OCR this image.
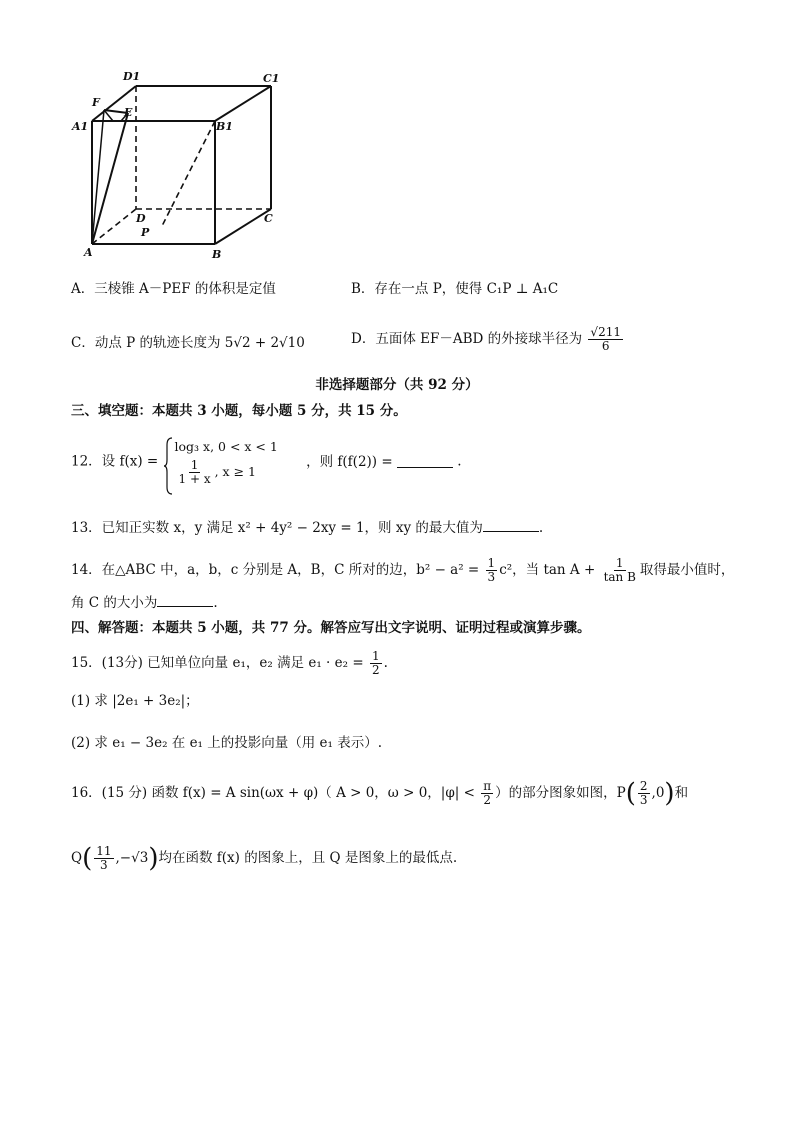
D1	C1
F
E
A1	B1
D	C
P
A	B
A．三棱锥 A－PEF 的体积是定值	B．存在一点 P，使得 C₁P ⊥ A₁C
C．动点 P 的轨迹长度为 5√2 + 2√10	D．五面体 EF－ABD 的外接球半径为 $\frac{√211}{6}$
非选择题部分（共 92 分）
三、填空题：本题共 3 小题，每小题 5 分，共 15 分。
12．设 f(x) =
log₃ x, 0 < x < 1
$\frac{1}{1 + x}$ , x ≥ 1
，则 f(f(2)) =	.
13．已知正实数 x，y 满足 x² + 4y² − 2xy = 1，则 xy 的最大值为	.
14．在△ABC 中，a，b，c 分别是 A，B，C 所对的边，$b^2 - a^2 = \frac{1}{3} c^2$，当 $\tan A + \frac{1}{\text{tan B}}$ 取得最小值时，
角 C 的大小为	.
四、解答题：本题共 5 小题，共 77 分。解答应写出文字说明、证明过程或演算步骤。
15．(13分) 已知单位向量 e₁，e₂ 满足 $e_1 \cdot e_2 = \frac{1}{2}$ .
(1) 求 |2e₁ + 3e₂|；
(2) 求 e₁ − 3e₂ 在 e₁ 上的投影向量（用 e₁ 表示）.
16．(15 分) 函数 f(x) = A sin(ωx + φ)（ A > 0，ω > 0，$|\varphi| < \frac{\pi}{2}$ ）的部分图象如图，$P( \frac{2}{3} ,0)$和
$Q( \frac{11}{3} ,-√3)$均在函数 f(x) 的图象上，且 Q 是图象上的最低点.
